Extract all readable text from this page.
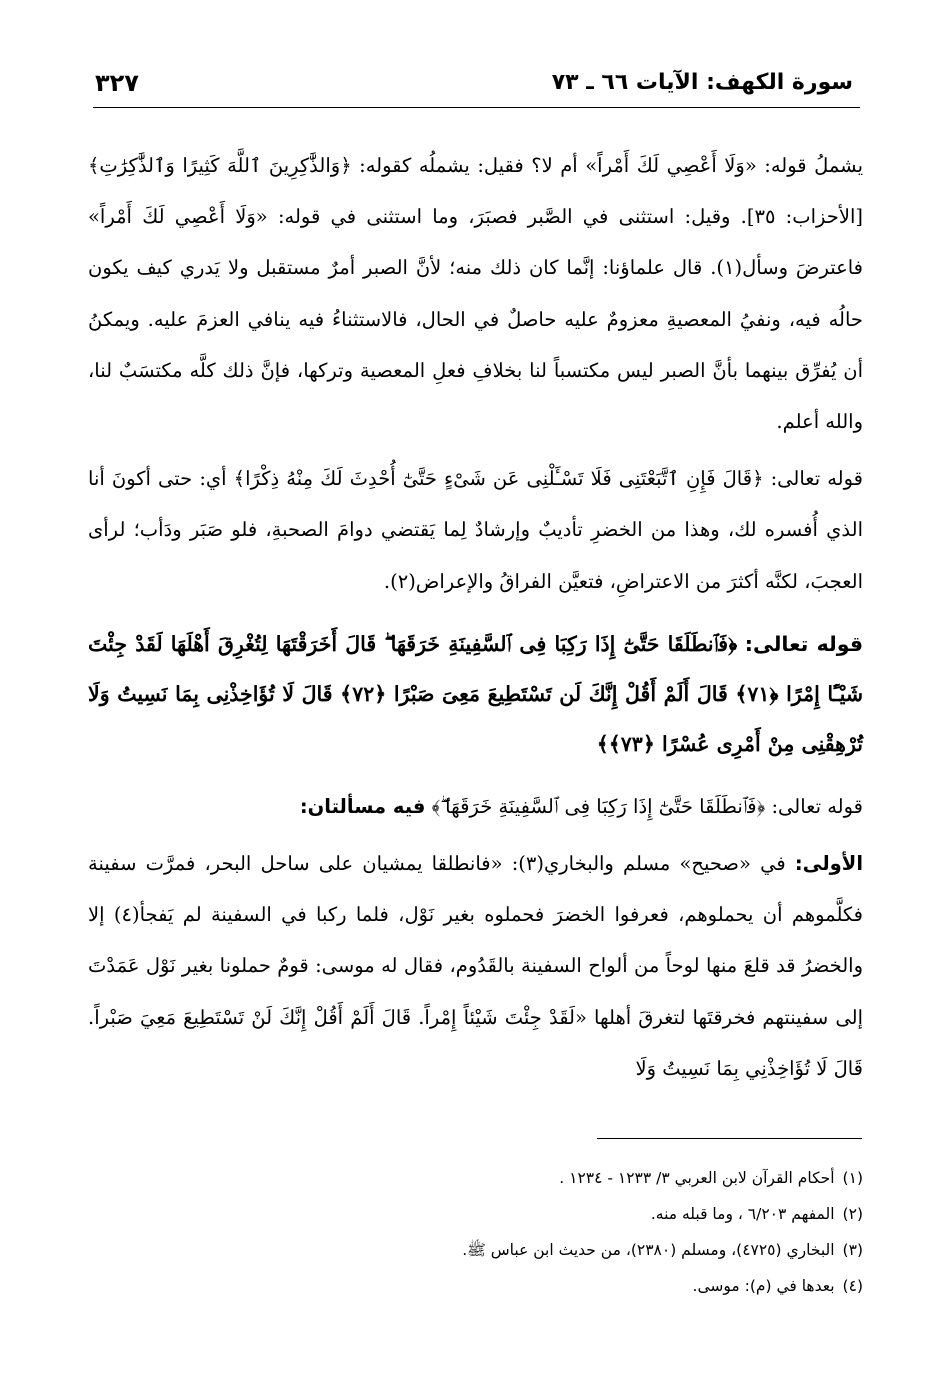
سورة الكهف: الآيات ٦٦ ـ ٧٣
٣٢٧

يشملُ قوله: «وَلَا أَعْصِي لَكَ أَمْراً» أم لا؟ فقيل: يشملُه كقوله: ﴿وَالذَّٰكِرِينَ ٱللَّهَ كَثِيرًا وَٱلذَّٰكِرَٰتِ﴾ [الأحزاب: ٣٥]. وقيل: استثنى في الصَّبر فصبَرَ، وما استثنى في قوله: «وَلَا أَعْصِي لَكَ أَمْراً» فاعترضَ وسأل(١). قال علماؤنا: إنَّما كان ذلك منه؛ لأنَّ الصبر أمرٌ مستقبل ولا يَدري كيف يكون حالُه فيه، ونفيُ المعصيةِ معزومٌ عليه حاصلٌ في الحال، فالاستثناءُ فيه ينافي العزمَ عليه. ويمكنُ أن يُفرِّق بينهما بأنَّ الصبر ليس مكتسباً لنا بخلافِ فعلِ المعصية وتركها، فإنَّ ذلك كلَّه مكتسَبٌ لنا، والله أعلم.

قوله تعالى: ﴿قَالَ فَإِنِ ٱتَّبَعْتَنِى فَلَا تَسْـَٔلْنِى عَن شَىْءٍ حَتَّىٰٓ أُحْدِثَ لَكَ مِنْهُ ذِكْرًا﴾ أي: حتى أكونَ أنا الذي أُفسره لك، وهذا من الخضرِ تأديبٌ وإرشادٌ لِما يَقتضي دوامَ الصحبةِ، فلو صَبَر ودَأب؛ لرأى العجبَ، لكنَّه أكثرَ من الاعتراضِ، فتعيَّن الفراقُ والإعراض(٢).

قوله تعالى: ﴿فَٱنطَلَقَا حَتَّىٰٓ إِذَا رَكِبَا فِى ٱلسَّفِينَةِ خَرَقَهَا ۖ قَالَ أَخَرَقْتَهَا لِتُغْرِقَ أَهْلَهَا لَقَدْ جِئْتَ شَيْـًٔا إِمْرًا ﴿٧١﴾ قَالَ أَلَمْ أَقُلْ إِنَّكَ لَن تَسْتَطِيعَ مَعِىَ صَبْرًا ﴿٧٢﴾ قَالَ لَا تُؤَاخِذْنِى بِمَا نَسِيتُ وَلَا تُرْهِقْنِى مِنْ أَمْرِى عُسْرًا ﴿٧٣﴾﴾

قوله تعالى: ﴿فَٱنطَلَقَا حَتَّىٰٓ إِذَا رَكِبَا فِى ٱلسَّفِينَةِ خَرَقَهَا ۖ﴾ فيه مسألتان:

الأولى: في «صحيح» مسلم والبخاري(٣): «فانطلقا يمشيان على ساحل البحر، فمرَّت سفينة فكلَّموهم أن يحملوهم، فعرفوا الخضرَ فحملوه بغير نَوْل، فلما ركبا في السفينة لم يَفجأ(٤) إلا والخضرُ قد قلعَ منها لوحاً من ألواح السفينة بالقَدُوم، فقال له موسى: قومٌ حملونا بغير نَوْل عَمَدْتَ إلى سفينتهم فخرقتَها لتغرقَ أهلها «لَقَدْ جِئْتَ شَيْئاً إِمْراً. قَالَ أَلَمْ أَقُلْ إِنَّكَ لَنْ تَسْتَطِيعَ مَعِيَ صَبْراً. قَالَ لَا تُؤَاخِذْنِي بِمَا نَسِيتُ وَلَا

(١)أحكام القرآن لابن العربي ٣/ ١٢٣٣ - ١٢٣٤ .
(٢)المفهم ٦/٢٠٣ ، وما قبله منه.
(٣)البخاري (٤٧٢٥)، ومسلم (٢٣٨٠)، من حديث ابن عباس ﷺ.
(٤)بعدها في (م): موسى.
